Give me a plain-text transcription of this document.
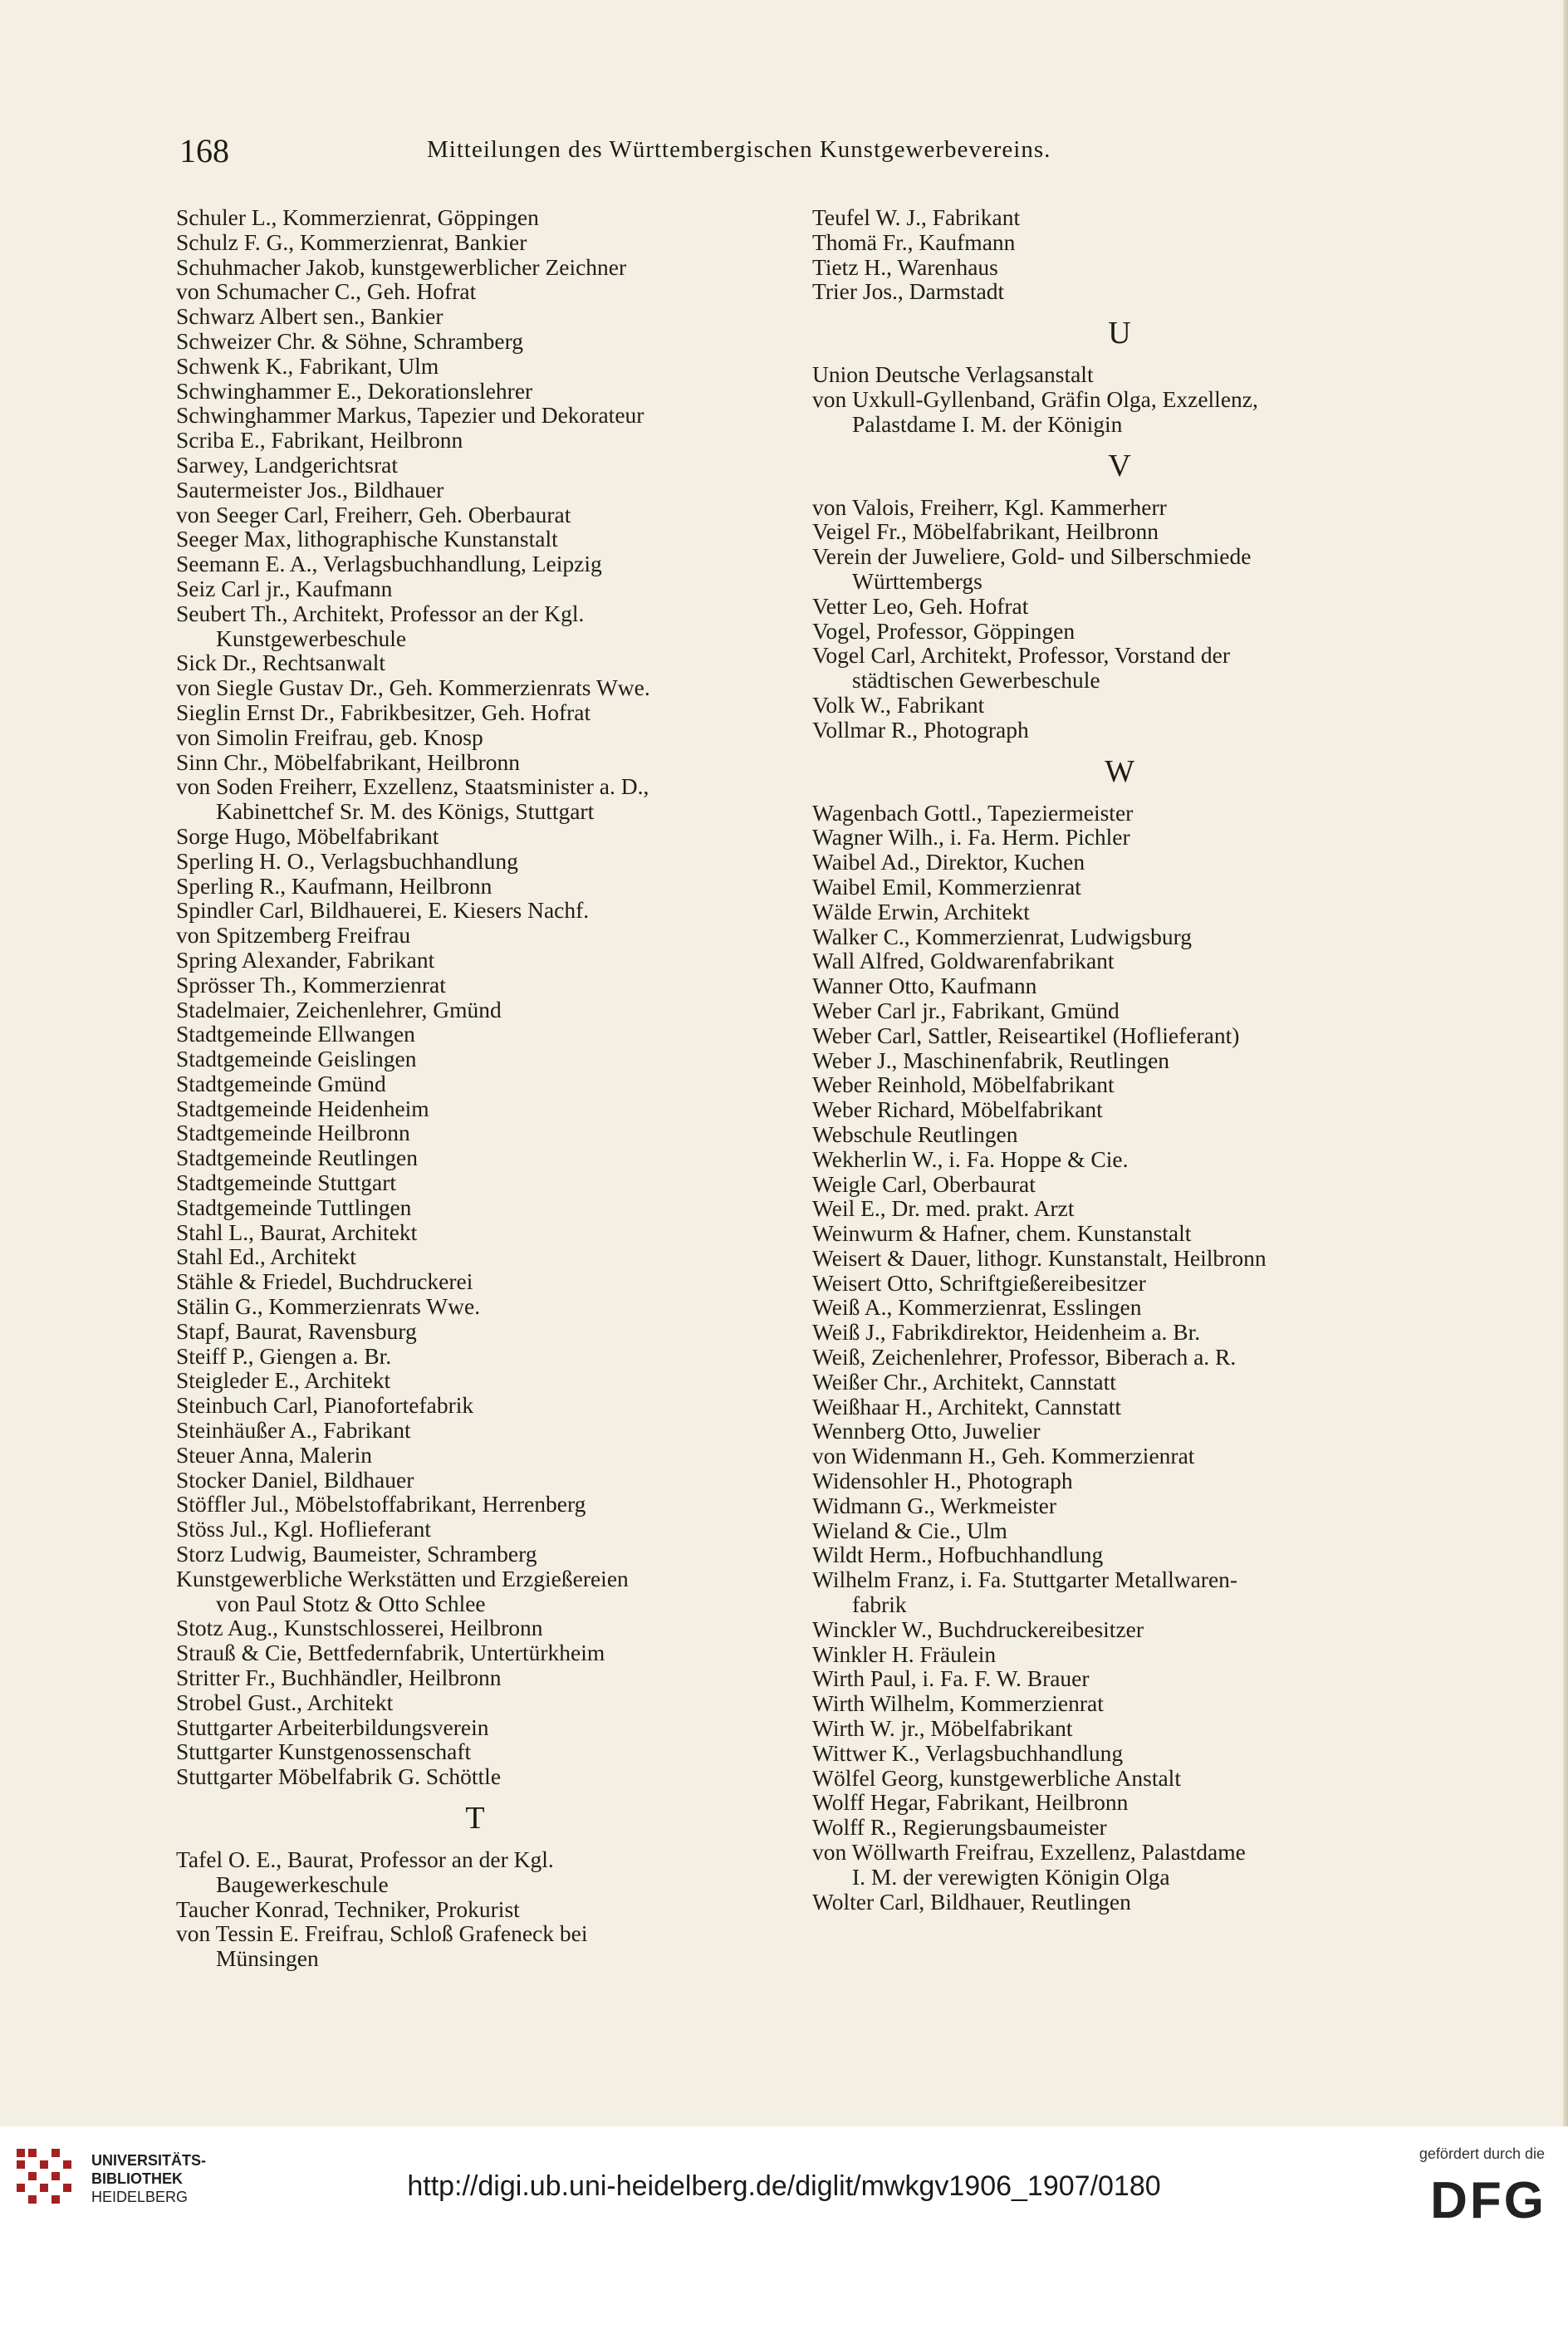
168	Mitteilungen des Württembergischen Kunstgewerbevereins.
Schuler L., Kommerzienrat, Göppingen
Schulz F. G., Kommerzienrat, Bankier
Schuhmacher Jakob, kunstgewerblicher Zeichner
von Schumacher C., Geh. Hofrat
Schwarz Albert sen., Bankier
Schweizer Chr. & Söhne, Schramberg
Schwenk K., Fabrikant, Ulm
Schwinghammer E., Dekorationslehrer
Schwinghammer Markus, Tapezier und Dekorateur
Scriba E., Fabrikant, Heilbronn
Sarwey, Landgerichtsrat
Sautermeister Jos., Bildhauer
von Seeger Carl, Freiherr, Geh. Oberbaurat
Seeger Max, lithographische Kunstanstalt
Seemann E. A., Verlagsbuchhandlung, Leipzig
Seiz Carl jr., Kaufmann
Seubert Th., Architekt, Professor an der Kgl.
Kunstgewerbeschule
Sick Dr., Rechtsanwalt
von Siegle Gustav Dr., Geh. Kommerzienrats Wwe.
Sieglin Ernst Dr., Fabrikbesitzer, Geh. Hofrat
von Simolin Freifrau, geb. Knosp
Sinn Chr., Möbelfabrikant, Heilbronn
von Soden Freiherr, Exzellenz, Staatsminister a. D.,
Kabinettchef Sr. M. des Königs, Stuttgart
Sorge Hugo, Möbelfabrikant
Sperling H. O., Verlagsbuchhandlung
Sperling R., Kaufmann, Heilbronn
Spindler Carl, Bildhauerei, E. Kiesers Nachf.
von Spitzemberg Freifrau
Spring Alexander, Fabrikant
Sprösser Th., Kommerzienrat
Stadelmaier, Zeichenlehrer, Gmünd
Stadtgemeinde Ellwangen
Stadtgemeinde Geislingen
Stadtgemeinde Gmünd
Stadtgemeinde Heidenheim
Stadtgemeinde Heilbronn
Stadtgemeinde Reutlingen
Stadtgemeinde Stuttgart
Stadtgemeinde Tuttlingen
Stahl L., Baurat, Architekt
Stahl Ed., Architekt
Stähle & Friedel, Buchdruckerei
Stälin G., Kommerzienrats Wwe.
Stapf, Baurat, Ravensburg
Steiff P., Giengen a. Br.
Steigleder E., Architekt
Steinbuch Carl, Pianofortefabrik
Steinhäußer A., Fabrikant
Steuer Anna, Malerin
Stocker Daniel, Bildhauer
Stöffler Jul., Möbelstoffabrikant, Herrenberg
Stöss Jul., Kgl. Hoflieferant
Storz Ludwig, Baumeister, Schramberg
Kunstgewerbliche Werkstätten und Erzgießereien
von Paul Stotz & Otto Schlee
Stotz Aug., Kunstschlosserei, Heilbronn
Strauß & Cie, Bettfedernfabrik, Untertürkheim
Stritter Fr., Buchhändler, Heilbronn
Strobel Gust., Architekt
Stuttgarter Arbeiterbildungsverein
Stuttgarter Kunstgenossenschaft
Stuttgarter Möbelfabrik G. Schöttle
T
Tafel O. E., Baurat, Professor an der Kgl.
Baugewerkeschule
Taucher Konrad, Techniker, Prokurist
von Tessin E. Freifrau, Schloß Grafeneck bei
Münsingen
Teufel W. J., Fabrikant
Thomä Fr., Kaufmann
Tietz H., Warenhaus
Trier Jos., Darmstadt
U
Union Deutsche Verlagsanstalt
von Uxkull-Gyllenband, Gräfin Olga, Exzellenz,
Palastdame I. M. der Königin
V
von Valois, Freiherr, Kgl. Kammerherr
Veigel Fr., Möbelfabrikant, Heilbronn
Verein der Juweliere, Gold- und Silberschmiede
Württembergs
Vetter Leo, Geh. Hofrat
Vogel, Professor, Göppingen
Vogel Carl, Architekt, Professor, Vorstand der
städtischen Gewerbeschule
Volk W., Fabrikant
Vollmar R., Photograph
W
Wagenbach Gottl., Tapeziermeister
Wagner Wilh., i. Fa. Herm. Pichler
Waibel Ad., Direktor, Kuchen
Waibel Emil, Kommerzienrat
Wälde Erwin, Architekt
Walker C., Kommerzienrat, Ludwigsburg
Wall Alfred, Goldwarenfabrikant
Wanner Otto, Kaufmann
Weber Carl jr., Fabrikant, Gmünd
Weber Carl, Sattler, Reiseartikel (Hoflieferant)
Weber J., Maschinenfabrik, Reutlingen
Weber Reinhold, Möbelfabrikant
Weber Richard, Möbelfabrikant
Webschule Reutlingen
Wekherlin W., i. Fa. Hoppe & Cie.
Weigle Carl, Oberbaurat
Weil E., Dr. med. prakt. Arzt
Weinwurm & Hafner, chem. Kunstanstalt
Weisert & Dauer, lithogr. Kunstanstalt, Heilbronn
Weisert Otto, Schriftgießereibesitzer
Weiß A., Kommerzienrat, Esslingen
Weiß J., Fabrikdirektor, Heidenheim a. Br.
Weiß, Zeichenlehrer, Professor, Biberach a. R.
Weißer Chr., Architekt, Cannstatt
Weißhaar H., Architekt, Cannstatt
Wennberg Otto, Juwelier
von Widenmann H., Geh. Kommerzienrat
Widensohler H., Photograph
Widmann G., Werkmeister
Wieland & Cie., Ulm
Wildt Herm., Hofbuchhandlung
Wilhelm Franz, i. Fa. Stuttgarter Metallwaren-
fabrik
Winckler W., Buchdruckereibesitzer
Winkler H. Fräulein
Wirth Paul, i. Fa. F. W. Brauer
Wirth Wilhelm, Kommerzienrat
Wirth W. jr., Möbelfabrikant
Wittwer K., Verlagsbuchhandlung
Wölfel Georg, kunstgewerbliche Anstalt
Wolff Hegar, Fabrikant, Heilbronn
Wolff R., Regierungsbaumeister
von Wöllwarth Freifrau, Exzellenz, Palastdame
I. M. der verewigten Königin Olga
Wolter Carl, Bildhauer, Reutlingen
UNIVERSITÄTS-
BIBLIOTHEK
HEIDELBERG	http://digi.ub.uni-heidelberg.de/diglit/mwkgv1906_1907/0180
gefördert durch die
DFG
